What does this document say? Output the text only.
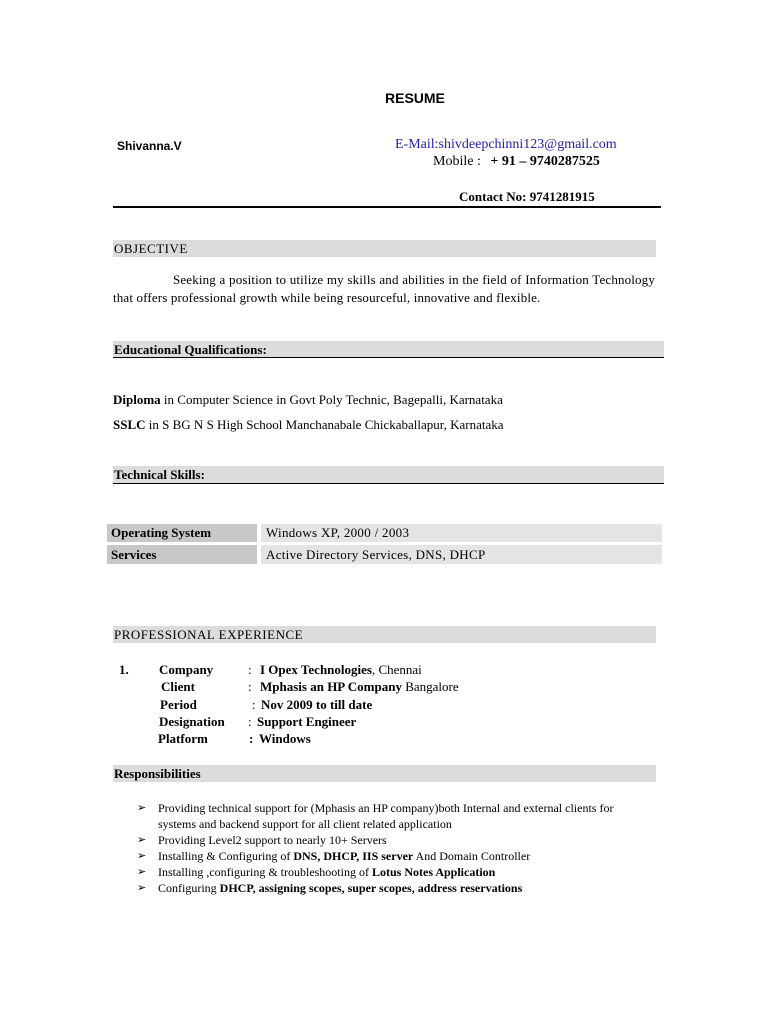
RESUME
Shivanna.V	E-Mail:shivdeepchinni123@gmail.com
Mobile : + 91 – 9740287525
Contact No: 9741281915
OBJECTIVE
Seeking a position to utilize my skills and abilities in the field of Information Technology that offers professional growth while being resourceful, innovative and flexible.
Educational Qualifications:
Diploma in Computer Science in Govt Poly Technic, Bagepalli, Karnataka
SSLC in S BG N S High School Manchanabale Chickaballapur, Karnataka
Technical Skills:
Operating System	Windows XP, 2000 / 2003
Services	Active Directory Services, DNS, DHCP
PROFESSIONAL EXPERIENCE
1. Company	: I Opex Technologies, Chennai
Client	: Mphasis an HP Company Bangalore
Period	: Nov 2009 to till date
Designation : Support Engineer
Platform	: Windows
Responsibilities
➢ Providing technical support for (Mphasis an HP company)both Internal and external clients for systems and backend support for all client related application
➢ Providing Level2 support to nearly 10+ Servers
➢ Installing & Configuring of DNS, DHCP, IIS server And Domain Controller
➢ Installing ,configuring & troubleshooting of Lotus Notes Application
➢ Configuring DHCP, assigning scopes, super scopes, address reservations
